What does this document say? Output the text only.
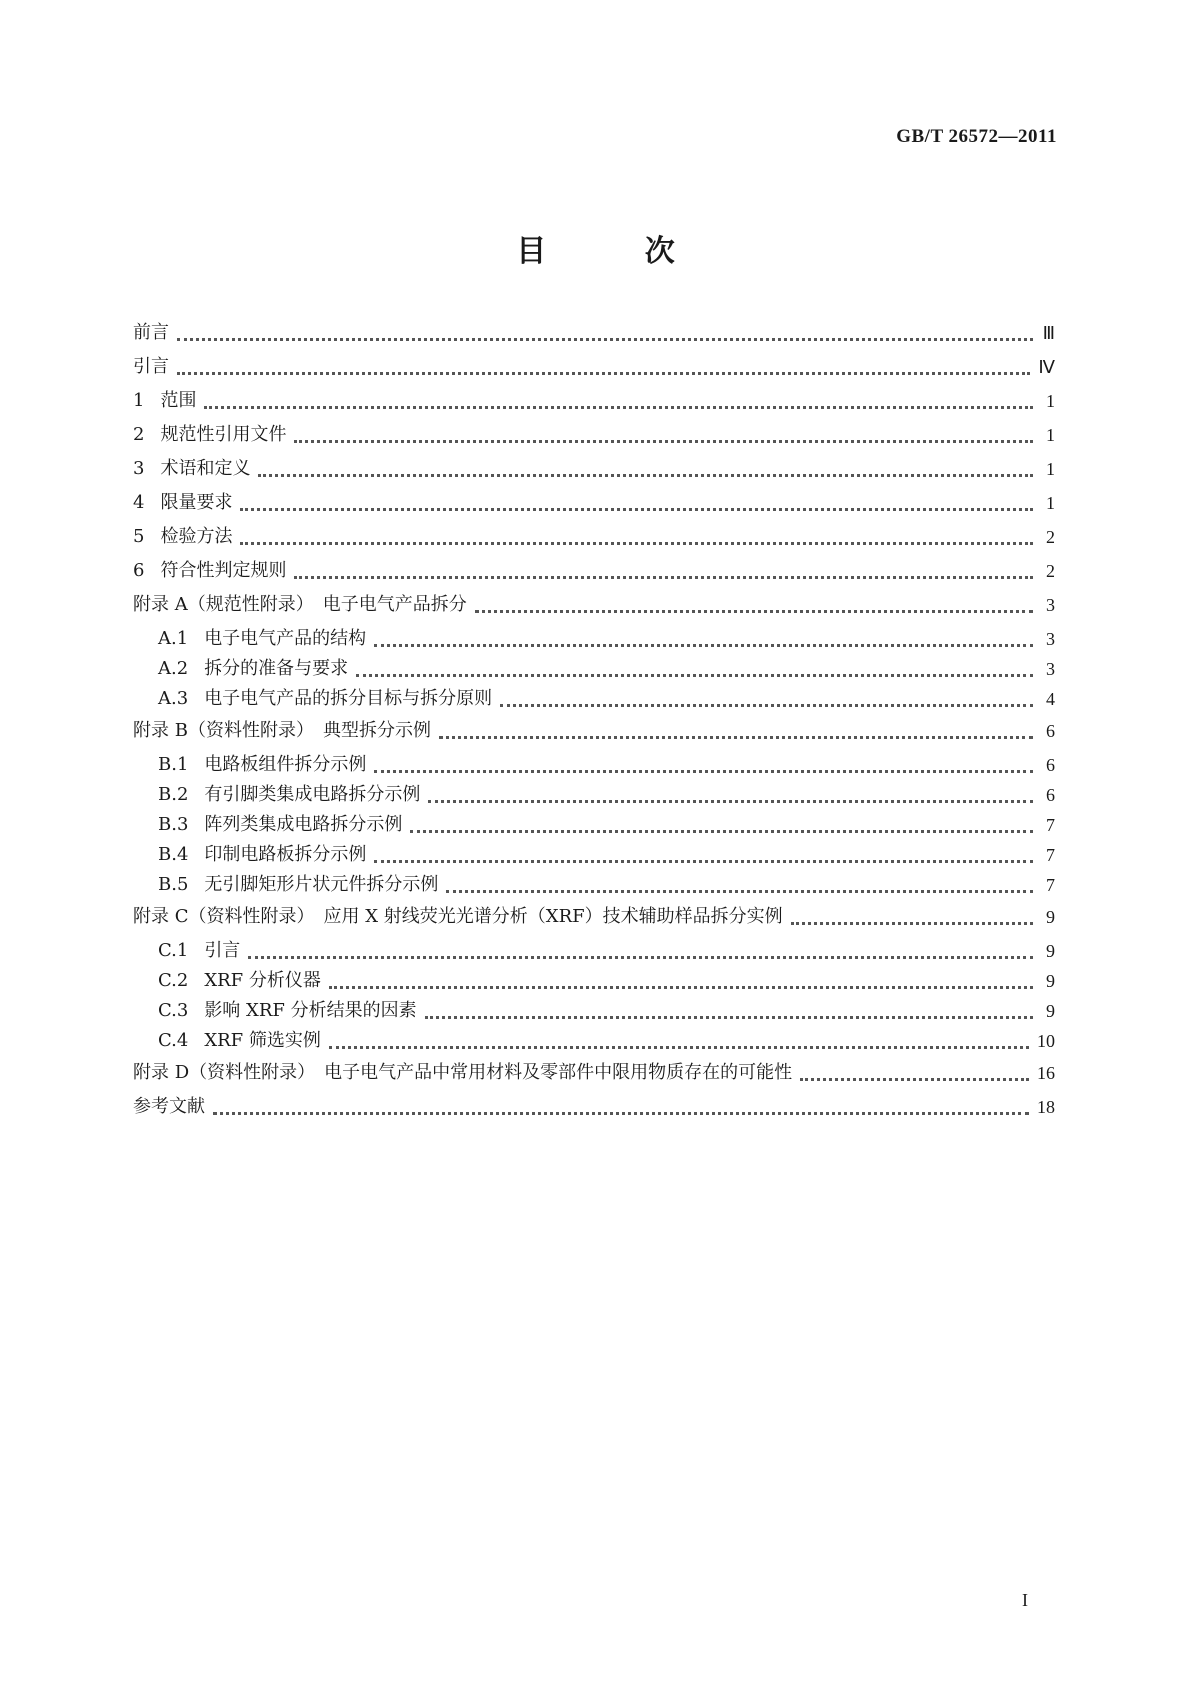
GB/T 26572—2011
目 次
前言	Ⅲ
引言	Ⅳ
1 范围	1
2 规范性引用文件	1
3 术语和定义	1
4 限量要求	1
5 检验方法	2
6 符合性判定规则	2
附录 A（规范性附录）　电子电气产品拆分	3
A.1 电子电气产品的结构	3
A.2 拆分的准备与要求	3
A.3 电子电气产品的拆分目标与拆分原则	4
附录 B（资料性附录）　典型拆分示例	6
B.1 电路板组件拆分示例	6
B.2 有引脚类集成电路拆分示例	6
B.3 阵列类集成电路拆分示例	7
B.4 印制电路板拆分示例	7
B.5 无引脚矩形片状元件拆分示例	7
附录 C（资料性附录）　应用 X 射线荧光光谱分析（XRF）技术辅助样品拆分实例	9
C.1 引言	9
C.2 XRF 分析仪器	9
C.3 影响 XRF 分析结果的因素	9
C.4 XRF 筛选实例	10
附录 D（资料性附录）　电子电气产品中常用材料及零部件中限用物质存在的可能性	16
参考文献	18
I
